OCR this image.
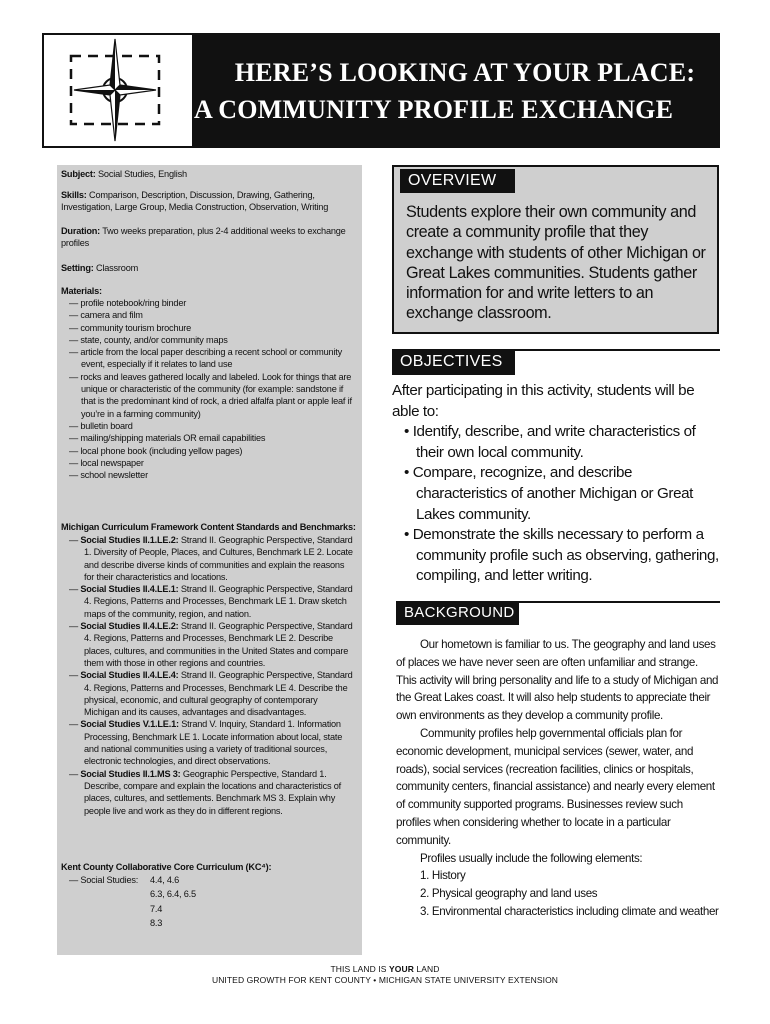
HERE’S LOOKING AT YOUR PLACE:
A COMMUNITY PROFILE EXCHANGE

Subject: Social Studies, English

Skills: Comparison, Description, Discussion, Drawing, Gathering, Investigation, Large Group, Media Construction, Observation, Writing

Duration: Two weeks preparation, plus 2-4 additional weeks to exchange profiles

Setting: Classroom

Materials:

— profile notebook/ring binder
— camera and film
— community tourism brochure
— state, county, and/or community maps
— article from the local paper describing a recent school or community event, especially if it relates to land use
— rocks and leaves gathered locally and labeled. Look for things that are unique or characteristic of the community (for example: sandstone if that is the predominant kind of rock, a dried alfalfa plant or apple leaf if you’re in a farming community)
— bulletin board
— mailing/shipping materials OR email capabilities
— local phone book (including yellow pages)
— local newspaper
— school newsletter

Michigan Curriculum Framework Content Standards and Benchmarks:

— Social Studies II.1.LE.2: Strand II. Geographic Perspective, Standard 1. Diversity of People, Places, and Cultures, Benchmark LE 2. Locate and describe diverse kinds of communities and explain the reasons for their characteristics and locations.
— Social Studies II.4.LE.1: Strand II. Geographic Perspective, Standard 4. Regions, Patterns and Processes, Benchmark LE 1. Draw sketch maps of the community, region, and nation.
— Social Studies II.4.LE.2: Strand II. Geographic Perspective, Standard 4. Regions, Patterns and Processes, Benchmark LE 2. Describe places, cultures, and communities in the United States and compare them with those in other regions and countries.
— Social Studies II.4.LE.4: Strand II. Geographic Perspective, Standard 4. Regions, Patterns and Processes, Benchmark LE 4. Describe the physical, economic, and cultural geography of contemporary Michigan and its causes, advantages and disadvantages.
— Social Studies V.1.LE.1: Strand V. Inquiry, Standard 1. Information Processing, Benchmark LE 1. Locate information about local, state and national communities using a variety of traditional sources, electronic technologies, and direct observations.
— Social Studies II.1.MS 3: Geographic Perspective, Standard 1. Describe, compare and explain the locations and characteristics of places, cultures, and settlements. Benchmark MS 3. Explain why people live and work as they do in different regions.

Kent County Collaborative Core Curriculum (KC⁴):

— Social Studies: 4.4, 4.6
6.3, 6.4, 6.5
7.4
8.3
OVERVIEW
Students explore their own community and create a community profile that they exchange with students of other Michigan or Great Lakes communities. Students gather information for and write letters to an exchange classroom.
OBJECTIVES
After participating in this activity, students will be able to:
• Identify, describe, and write characteristics of their own local community.
• Compare, recognize, and describe characteristics of another Michigan or Great Lakes community.
• Demonstrate the skills necessary to perform a community profile such as observing, gathering, compiling, and letter writing.
BACKGROUND

Our hometown is familiar to us. The geography and land uses of places we have never seen are often unfamiliar and strange. This activity will bring personality and life to a study of Michigan and the Great Lakes coast. It will also help students to appreciate their own environments as they develop a community profile.

Community profiles help governmental officials plan for economic development, municipal services (sewer, water, and roads), social services (recreation facilities, clinics or hospitals, community centers, financial assistance) and nearly every element of community supported programs. Businesses review such profiles when considering whether to locate in a particular community.

Profiles usually include the following elements:

1. History
2. Physical geography and land uses
3. Environmental characteristics including climate and weather
THIS LAND IS YOUR LAND
UNITED GROWTH FOR KENT COUNTY • MICHIGAN STATE UNIVERSITY EXTENSION
